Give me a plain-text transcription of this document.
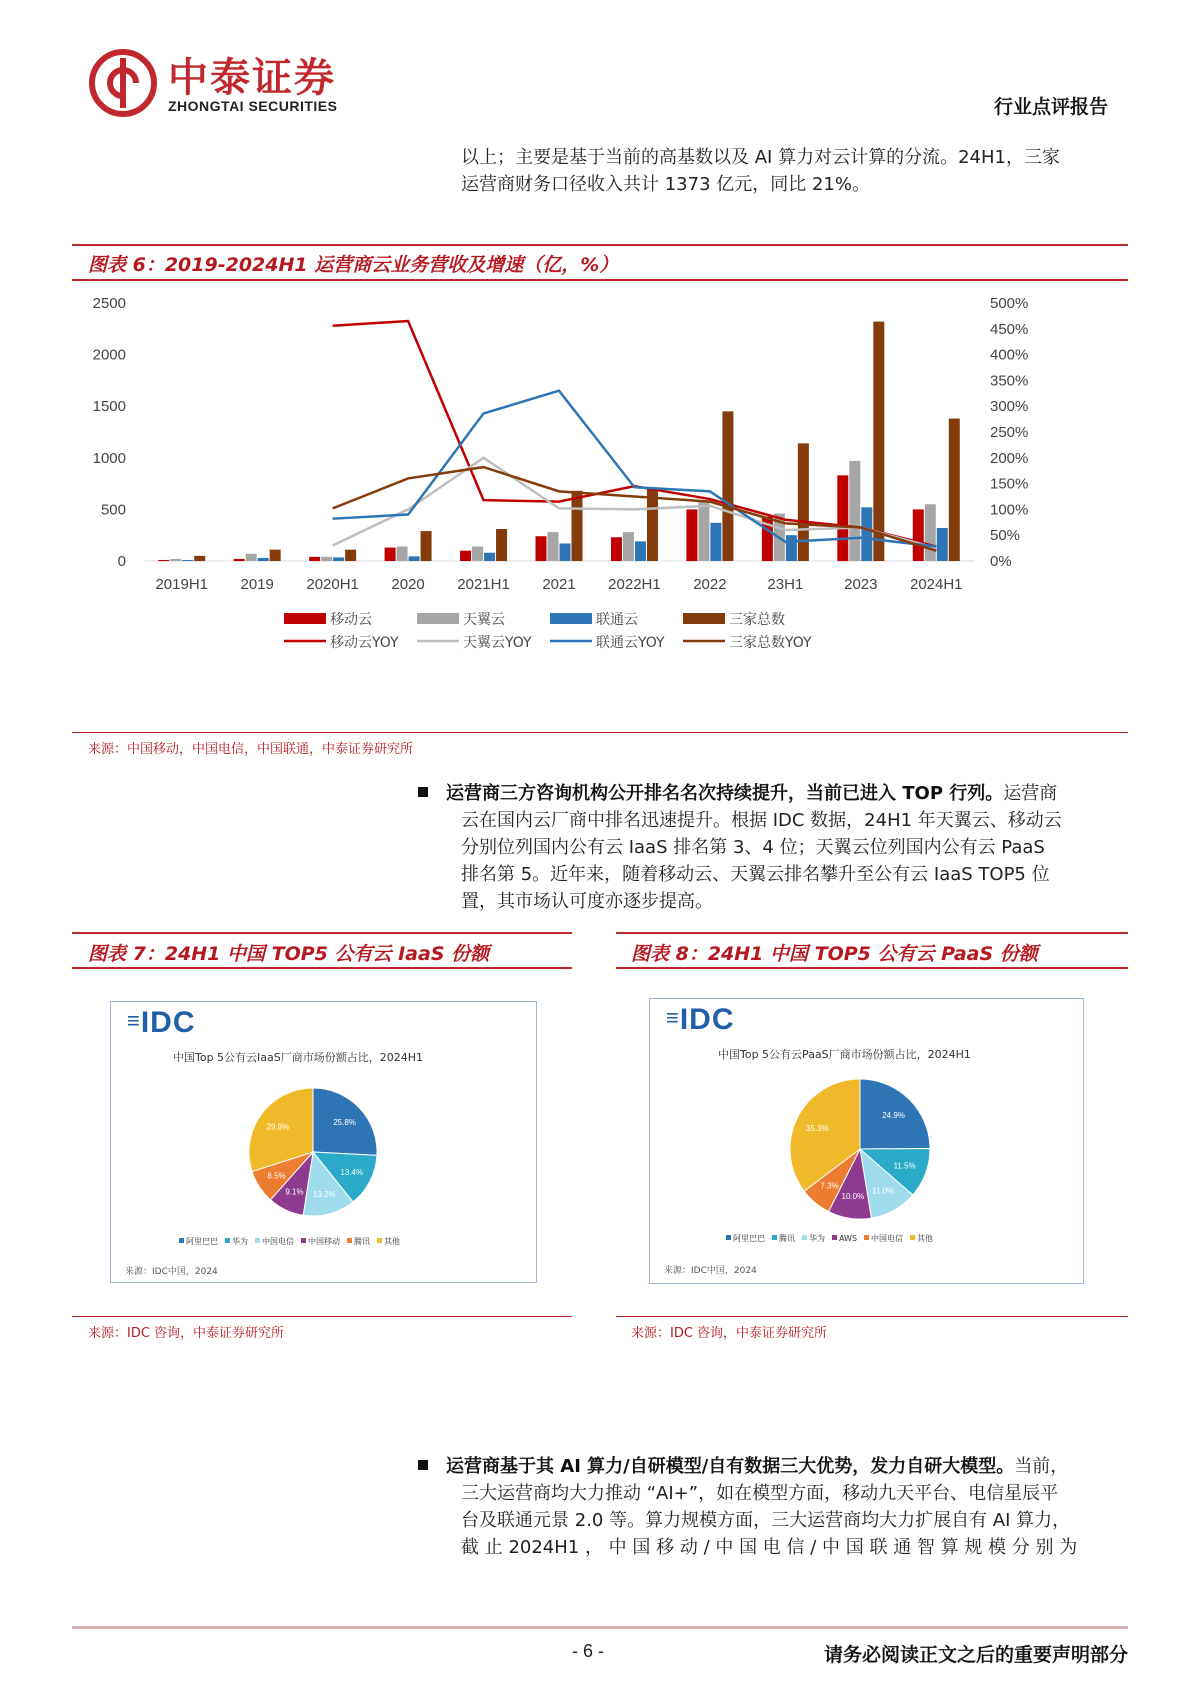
中泰证券
ZHONGTAI SECURITIES	行业点评报告
以上；主要是基于当前的高基数以及 AI 算力对云计算的分流。24H1，三家
运营商财务口径收入共计 1373 亿元，同比 21%。
图表 6：2019-2024H1 运营商云业务营收及增速（亿，%）
0
500
1000
1500
2000
2500
0%
50%
100%
150%
200%
250%
300%
350%
400%
450%
500%
2019H1 2019 2020H1 2020 2021H1 2021 2022H1 2022	23H1	2023 2024H1
移动云	天翼云	联通云	三家总数
移动云YOY	天翼云YOY	联通云YOY	三家总数YOY
来源：中国移动，中国电信，中国联通，中泰证券研究所
运营商三方咨询机构公开排名名次持续提升，当前已进入 TOP 行列。运营商
云在国内云厂商中排名迅速提升。根据 IDC 数据，24H1 年天翼云、移动云
分别位列国内公有云 IaaS 排名第 3、4 位；天翼云位列国内公有云 PaaS
排名第 5。近年来，随着移动云、天翼云排名攀升至公有云 IaaS TOP5 位
置，其市场认可度亦逐步提高。
图表 7：24H1 中国 TOP5 公有云 IaaS 份额
≡IDC
中国Top 5公有云IaaS厂商市场份额占比，2024H1
25.8%
13.4%
13.2%
9.1%
8.5%
29.9%
阿里巴巴 华为 中国电信 中国移动 腾讯 其他
来源：IDC中国，2024
来源：IDC 咨询，中泰证券研究所
图表 8：24H1 中国 TOP5 公有云 PaaS 份额
≡IDC
中国Top 5公有云PaaS厂商市场份额占比，2024H1
24.9%
11.5%
11.0%
10.0%
7.3%
35.3%
阿里巴巴 腾讯 华为 AWS 中国电信 其他
来源：IDC中国，2024
来源：IDC 咨询，中泰证券研究所
运营商基于其 AI 算力/自研模型/自有数据三大优势，发力自研大模型。当前，
三大运营商均大力推动 “AI+”，如在模型方面，移动九天平台、电信星辰平
台及联通元景 2.0 等。算力规模方面，三大运营商均大力扩展自有 AI 算力，
截 止 2024H1 ， 中 国 移 动 / 中 国 电 信 / 中 国 联 通 智 算 规 模 分 别 为
- 6 -	请务必阅读正文之后的重要声明部分
